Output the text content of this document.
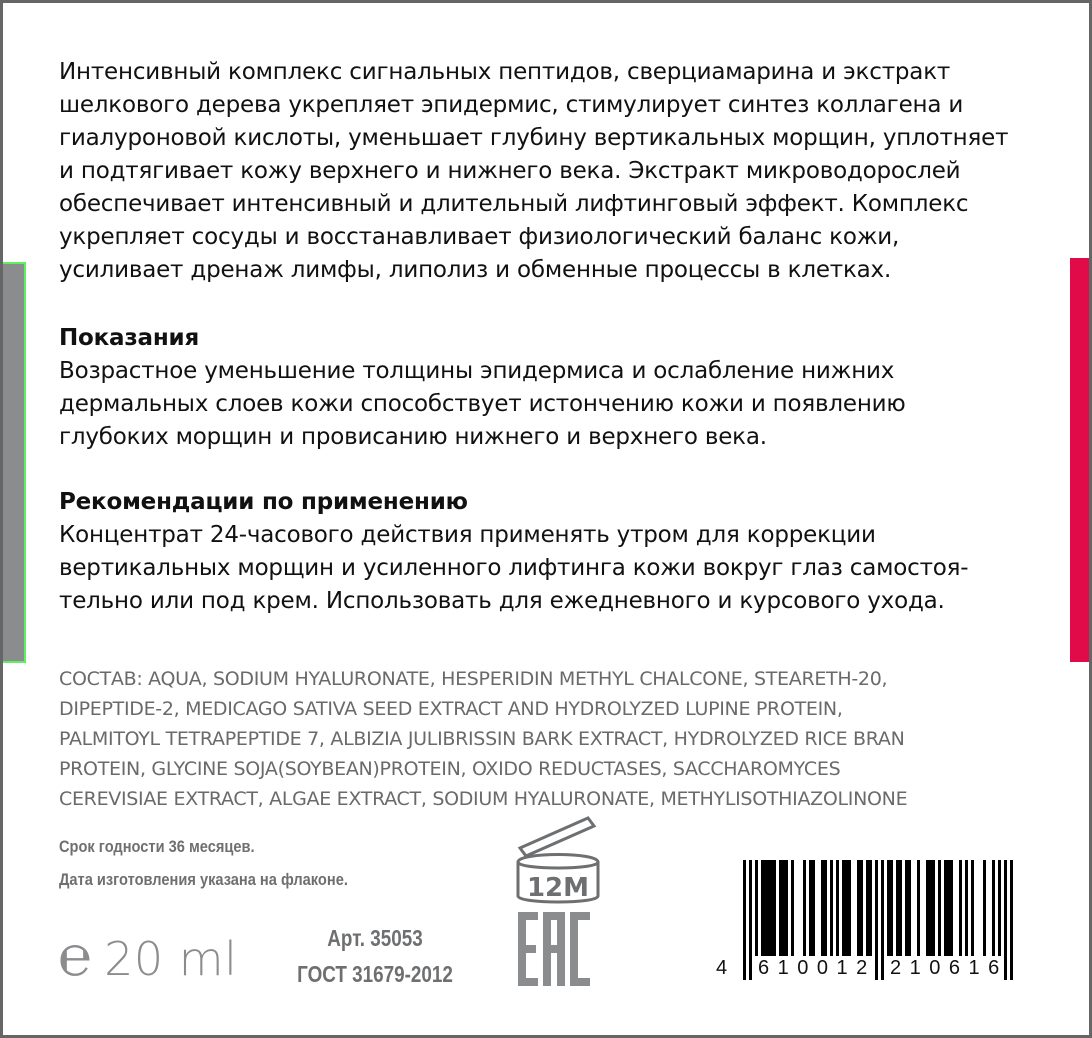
Интенсивный комплекс сигнальных пептидов, сверциамарина и экстракт
шелкового дерева укрепляет эпидермис, стимулирует синтез коллагена и
гиалуроновой кислоты, уменьшает глубину вертикальных морщин, уплотняет
и подтягивает кожу верхнего и нижнего века. Экстракт микроводорослей
обеспечивает интенсивный и длительный лифтинговый эффект. Комплекс
укрепляет сосуды и восстанавливает физиологический баланс кожи,
усиливает дренаж лимфы, липолиз и обменные процессы в клетках.
Показания
Возрастное уменьшение толщины эпидермиса и ослабление нижних
дермальных слоев кожи способствует истончению кожи и появлению
глубоких морщин и провисанию нижнего и верхнего века.
Рекомендации по применению
Концентрат 24-часового действия применять утром для коррекции
вертикальных морщин и усиленного лифтинга кожи вокруг глаз самостоя-
тельно или под крем. Использовать для ежедневного и курсового ухода.
СОСТАВ: AQUA, SODIUM HYALURONATE, HESPERIDIN METHYL CHALCONE, STEARETH-20,
DIPEPTIDE-2, MEDICAGO SATIVA SEED EXTRACT AND HYDROLYZED LUPINE PROTEIN,
PALMITOYL TETRAPEPTIDE 7, ALBIZIA JULIBRISSIN BARK EXTRACT, HYDROLYZED RICE BRAN
PROTEIN, GLYCINE SOJA(SOYBEAN)PROTEIN, OXIDO REDUCTASES, SACCHAROMYCES
CEREVISIAE EXTRACT, ALGAE EXTRACT, SODIUM HYALURONATE, METHYLISOTHIAZOLINONE
Срок годности 36 месяцев.
Дата изготовления указана на флаконе.
℮ 20 ml	Арт. 35053
ГОСТ 31679-2012
12M
4 610012 210616
